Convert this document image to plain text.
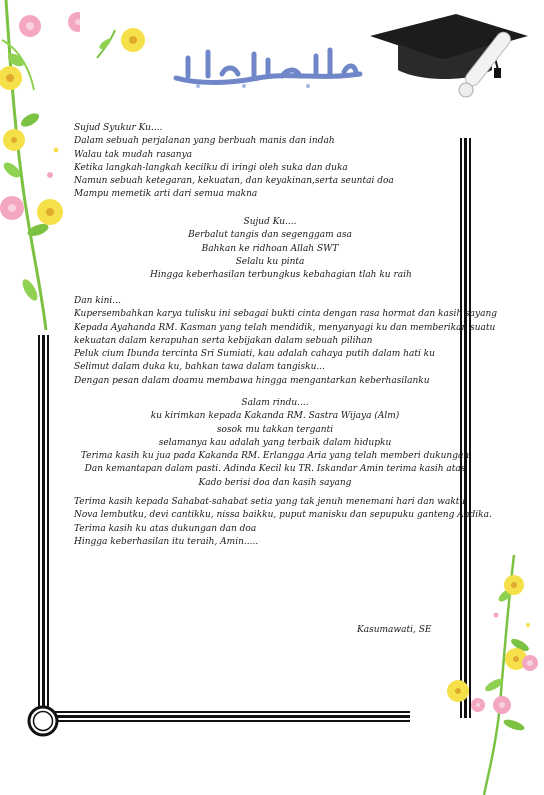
Sujud Syukur Ku....
Dalam sebuah perjalanan yang berbuah manis dan indah
Walau tak mudah rasanya
Ketika langkah-langkah kecilku di iringi oleh suka dan duka
Namun sebuah ketegaran, kekuatan, dan keyakinan,serta seuntai doa
Mampu memetik arti dari semua makna
Sujud Ku....
Berbalut tangis dan segenggam asa
Bahkan ke ridhoan Allah SWT
Selalu ku pinta
Hingga keberhasilan terbungkus kebahagian tlah ku raih
Dan kini...
Kupersembahkan karya tulisku ini sebagai bukti cinta dengan rasa hormat dan kasih sayang
Kepada Ayahanda RM. Kasman yang telah mendidik, menyanyagi ku dan memberikan suatu
kekuatan dalam kerapuhan serta kebijakan dalam sebuah pilihan
Peluk cium Ibunda tercinta Sri Sumiati, kau adalah cahaya putih dalam hati ku
Selimut dalam duka ku, bahkan tawa dalam tangisku...
Dengan pesan dalam doamu membawa hingga mengantarkan keberhasilanku
Salam rindu....
ku kirimkan kepada Kakanda RM. Sastra Wijaya (Alm)
sosok mu takkan terganti
selamanya kau adalah yang terbaik dalam hidupku
Terima kasih ku jua pada Kakanda RM. Erlangga Aria yang telah memberi dukungan
Dan kemantapan dalam pasti. Adinda Kecil ku TR. Iskandar Amin terima kasih atas
Kado berisi doa dan kasih sayang
Terima kasih kepada Sahabat-sahabat setia yang tak jenuh menemani hari dan waktu
Nova lembutku, devi cantikku, nissa baikku, puput manisku dan sepupuku ganteng Andika.
Terima kasih ku atas dukungan dan doa
Hingga keberhasilan itu teraih, Amin.....
Kasumawati, SE
